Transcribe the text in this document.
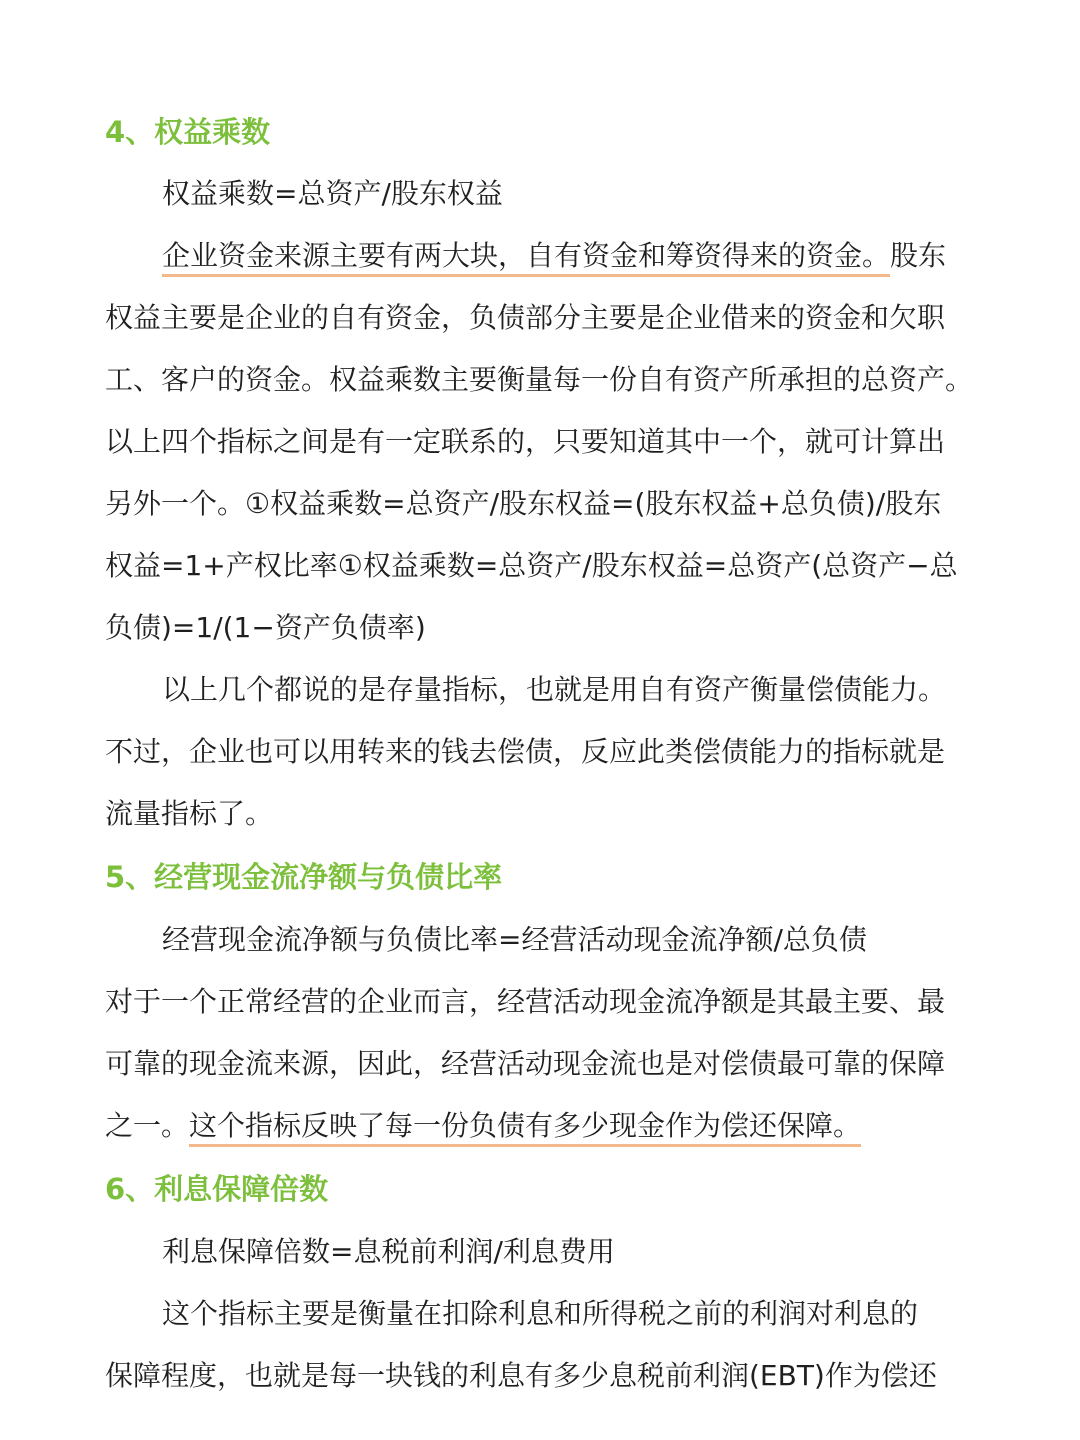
4、权益乘数
权益乘数=总资产/股东权益
企业资金来源主要有两大块，自有资金和筹资得来的资金。股东
权益主要是企业的自有资金，负债部分主要是企业借来的资金和欠职
工、客户的资金。权益乘数主要衡量每一份自有资产所承担的总资产。
以上四个指标之间是有一定联系的，只要知道其中一个，就可计算出
另外一个。①权益乘数=总资产/股东权益=(股东权益+总负债)/股东
权益=1+产权比率①权益乘数=总资产/股东权益=总资产(总资产−总
负债)=1/(1−资产负债率)
以上几个都说的是存量指标，也就是用自有资产衡量偿债能力。
不过，企业也可以用转来的钱去偿债，反应此类偿债能力的指标就是
流量指标了。
5、经营现金流净额与负债比率
经营现金流净额与负债比率=经营活动现金流净额/总负债
对于一个正常经营的企业而言，经营活动现金流净额是其最主要、最
可靠的现金流来源，因此，经营活动现金流也是对偿债最可靠的保障
之一。这个指标反映了每一份负债有多少现金作为偿还保障。
6、利息保障倍数
利息保障倍数=息税前利润/利息费用
这个指标主要是衡量在扣除利息和所得税之前的利润对利息的
保障程度，也就是每一块钱的利息有多少息税前利润(EBT)作为偿还
